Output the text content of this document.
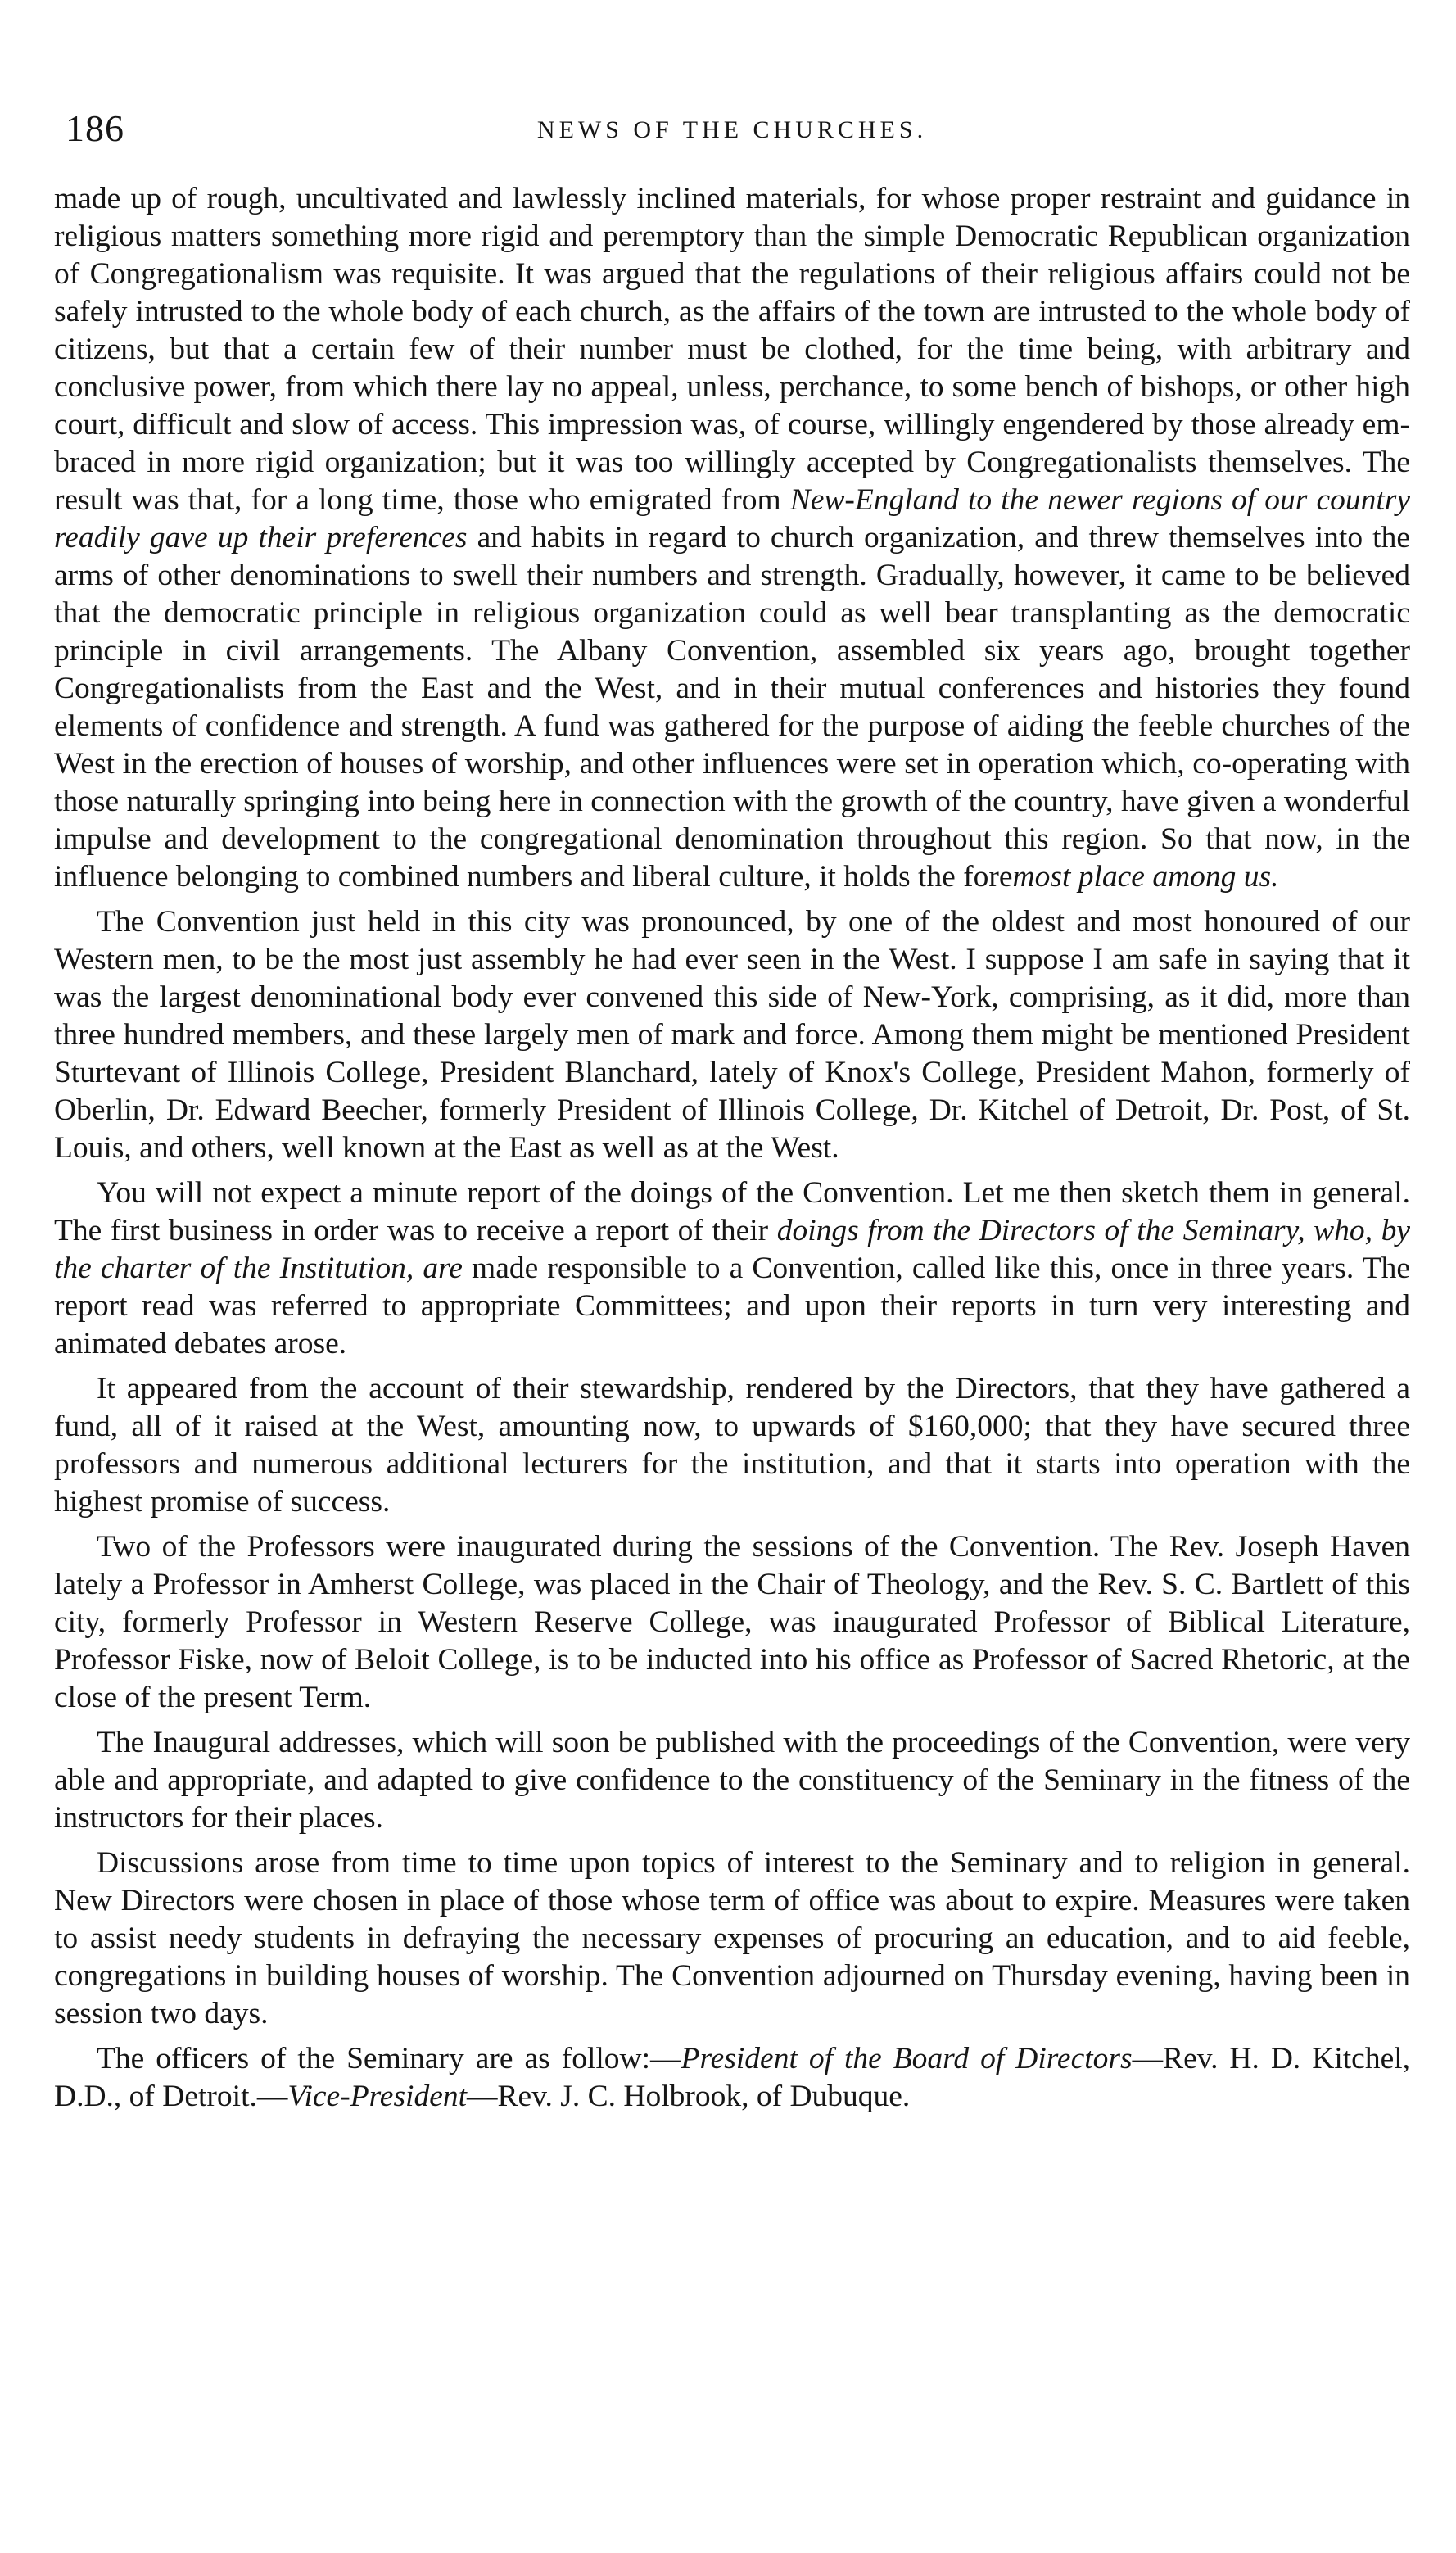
186	NEWS OF THE CHURCHES.

made up of rough, uncultivated and lawlessly inclined materials, for whose proper restraint and guidance in religious matters something more rigid and peremptory than the simple Democratic Republican organization of Congregationalism was requisite. It was argued that the regulations of their religious affairs could not be safely intrusted to the whole body of each church, as the affairs of the town are intrusted to the whole body of citizens, but that a certain few of their number must be clothed, for the time being, with arbitrary and conclusive power, from which there lay no appeal, unless, perchance, to some bench of bishops, or other high court, difficult and slow of access. This impression was, of course, willingly engendered by those already embraced in more rigid organization; but it was too willingly accepted by Congregationalists themselves. The result was that, for a long time, those who emigrated from New-England to the newer regions of our country readily gave up their preferences and habits in regard to church organization, and threw themselves into the arms of other denominations to swell their numbers and strength. Gradually, however, it came to be believed that the democratic principle in religious organization could as well bear transplanting as the democratic principle in civil arrangements. The Albany Convention, assembled six years ago, brought together Congregationalists from the East and the West, and in their mutual conferences and histories they found elements of confidence and strength. A fund was gathered for the purpose of aiding the feeble churches of the West in the erection of houses of worship, and other influences were set in operation which, co-operating with those naturally springing into being here in connection with the growth of the country, have given a wonderful impulse and development to the congregational denomination throughout this region. So that now, in the influence belonging to combined numbers and liberal culture, it holds the foremost place among us.

The Convention just held in this city was pronounced, by one of the oldest and most honoured of our Western men, to be the most just assembly he had ever seen in the West. I suppose I am safe in saying that it was the largest denominational body ever convened this side of New-York, comprising, as it did, more than three hundred members, and these largely men of mark and force. Among them might be mentioned President Sturtevant of Illinois College, President Blanchard, lately of Knox's College, President Mahon, formerly of Oberlin, Dr. Edward Beecher, formerly President of Illinois College, Dr. Kitchel of Detroit, Dr. Post, of St. Louis, and others, well known at the East as well as at the West.

You will not expect a minute report of the doings of the Convention. Let me then sketch them in general. The first business in order was to receive a report of their doings from the Directors of the Seminary, who, by the charter of the Institution, are made responsible to a Convention, called like this, once in three years. The report read was referred to appropriate Committees; and upon their reports in turn very interesting and animated debates arose.

It appeared from the account of their stewardship, rendered by the Directors, that they have gathered a fund, all of it raised at the West, amounting now, to upwards of $160,000; that they have secured three professors and numerous additional lecturers for the institution, and that it starts into operation with the highest promise of success.

Two of the Professors were inaugurated during the sessions of the Convention. The Rev. Joseph Haven lately a Professor in Amherst College, was placed in the Chair of Theology, and the Rev. S. C. Bartlett of this city, formerly Professor in Western Reserve College, was inaugurated Professor of Biblical Literature, Professor Fiske, now of Beloit College, is to be inducted into his office as Professor of Sacred Rhetoric, at the close of the present Term.

The Inaugural addresses, which will soon be published with the proceedings of the Convention, were very able and appropriate, and adapted to give confidence to the constituency of the Seminary in the fitness of the instructors for their places.

Discussions arose from time to time upon topics of interest to the Seminary and to religion in general. New Directors were chosen in place of those whose term of office was about to expire. Measures were taken to assist needy students in defraying the necessary expenses of procuring an education, and to aid feeble, congregations in building houses of worship. The Convention adjourned on Thursday evening, having been in session two days.

The officers of the Seminary are as follow:—President of the Board of Directors—Rev. H. D. Kitchel, D.D., of Detroit.—Vice-President—Rev. J. C. Holbrook, of Dubuque.
